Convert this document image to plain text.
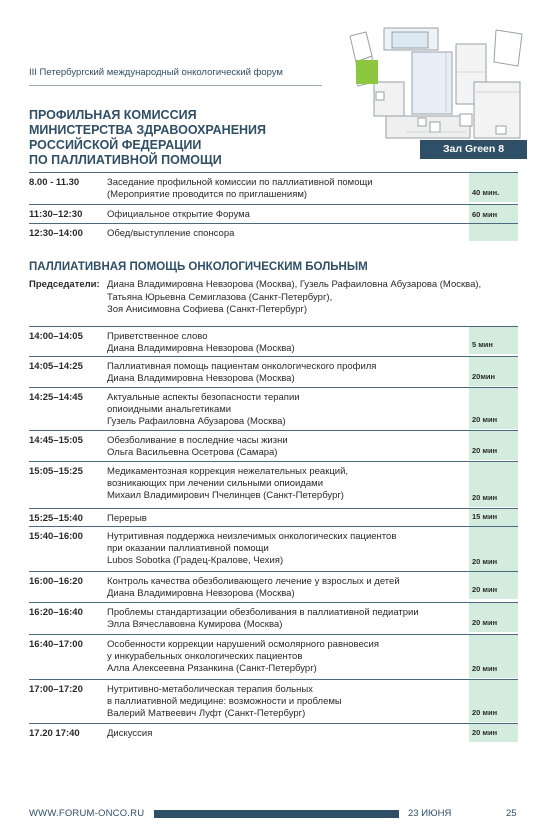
III Петербургский международный онкологический форум
ПРОФИЛЬНАЯ КОМИССИЯ
МИНИСТЕРСТВА ЗДРАВООХРАНЕНИЯ
РОССИЙСКОЙ ФЕДЕРАЦИИ
ПО ПАЛЛИАТИВНОЙ ПОМОЩИ
Зал Green 8
8.00 - 11.30	Заседание профильной комиссии по паллиативной помощи
(Мероприятие проводится по приглашениям)	40 мин.
11:30–12:30	Официальное открытие Форума	60 мин
12:30–14:00	Обед/выступление спонсора
ПАЛЛИАТИВНАЯ ПОМОЩЬ ОНКОЛОГИЧЕСКИМ БОЛЬНЫМ
Председатели: Диана Владимировна Невзорова (Москва), Гузель Рафаиловна Абузарова (Москва),
Татьяна Юрьевна Семиглазова (Санкт-Петербург),
Зоя Анисимовна Софиева (Санкт-Петербург)
14:00–14:05	Приветственное слово
Диана Владимировна Невзорова (Москва)	5 мин
14:05–14:25	Паллиативная помощь пациентам онкологического профиля
Диана Владимировна Невзорова (Москва)	20мин
14:25–14:45	Актуальные аспекты безопасности терапии
опиоидными анальгетиками
Гузель Рафаиловна Абузарова (Москва)	20 мин
14:45–15:05	Обезболивание в последние часы жизни
Ольга Васильевна Осетрова (Самара)	20 мин
15:05–15:25	Медикаментозная коррекция нежелательных реакций,
возникающих при лечении сильными опиоидами
Михаил Владимирович Пчелинцев (Санкт-Петербург)	20 мин
15:25–15:40	Перерыв	15 мин
15:40–16:00	Нутритивная поддержка неизлечимых онкологических пациентов
при оказании паллиативной помощи
Lubos Sobotka (Градец-Кралове, Чехия)	20 мин
16:00–16:20	Контроль качества обезболивающего лечение у взрослых и детей
Диана Владимировна Невзорова (Москва)	20 мин
16:20–16:40	Проблемы стандартизации обезболивания в паллиативной педиатрии
Элла Вячеславовна Кумирова (Москва)	20 мин
16:40–17:00	Особенности коррекции нарушений осмолярного равновесия
у инкурабельных онкологических пациентов
Алла Алексеевна Рязанкина (Санкт-Петербург)	20 мин
17:00–17:20	Нутритивно-метаболическая терапия больных
в паллиативной медицине: возможности и проблемы
Валерий Матвеевич Луфт (Санкт-Петербург)	20 мин
17.20 17:40	Дискуссия	20 мин
WWW.FORUM-ONCO.RU	23 ИЮНЯ	25
